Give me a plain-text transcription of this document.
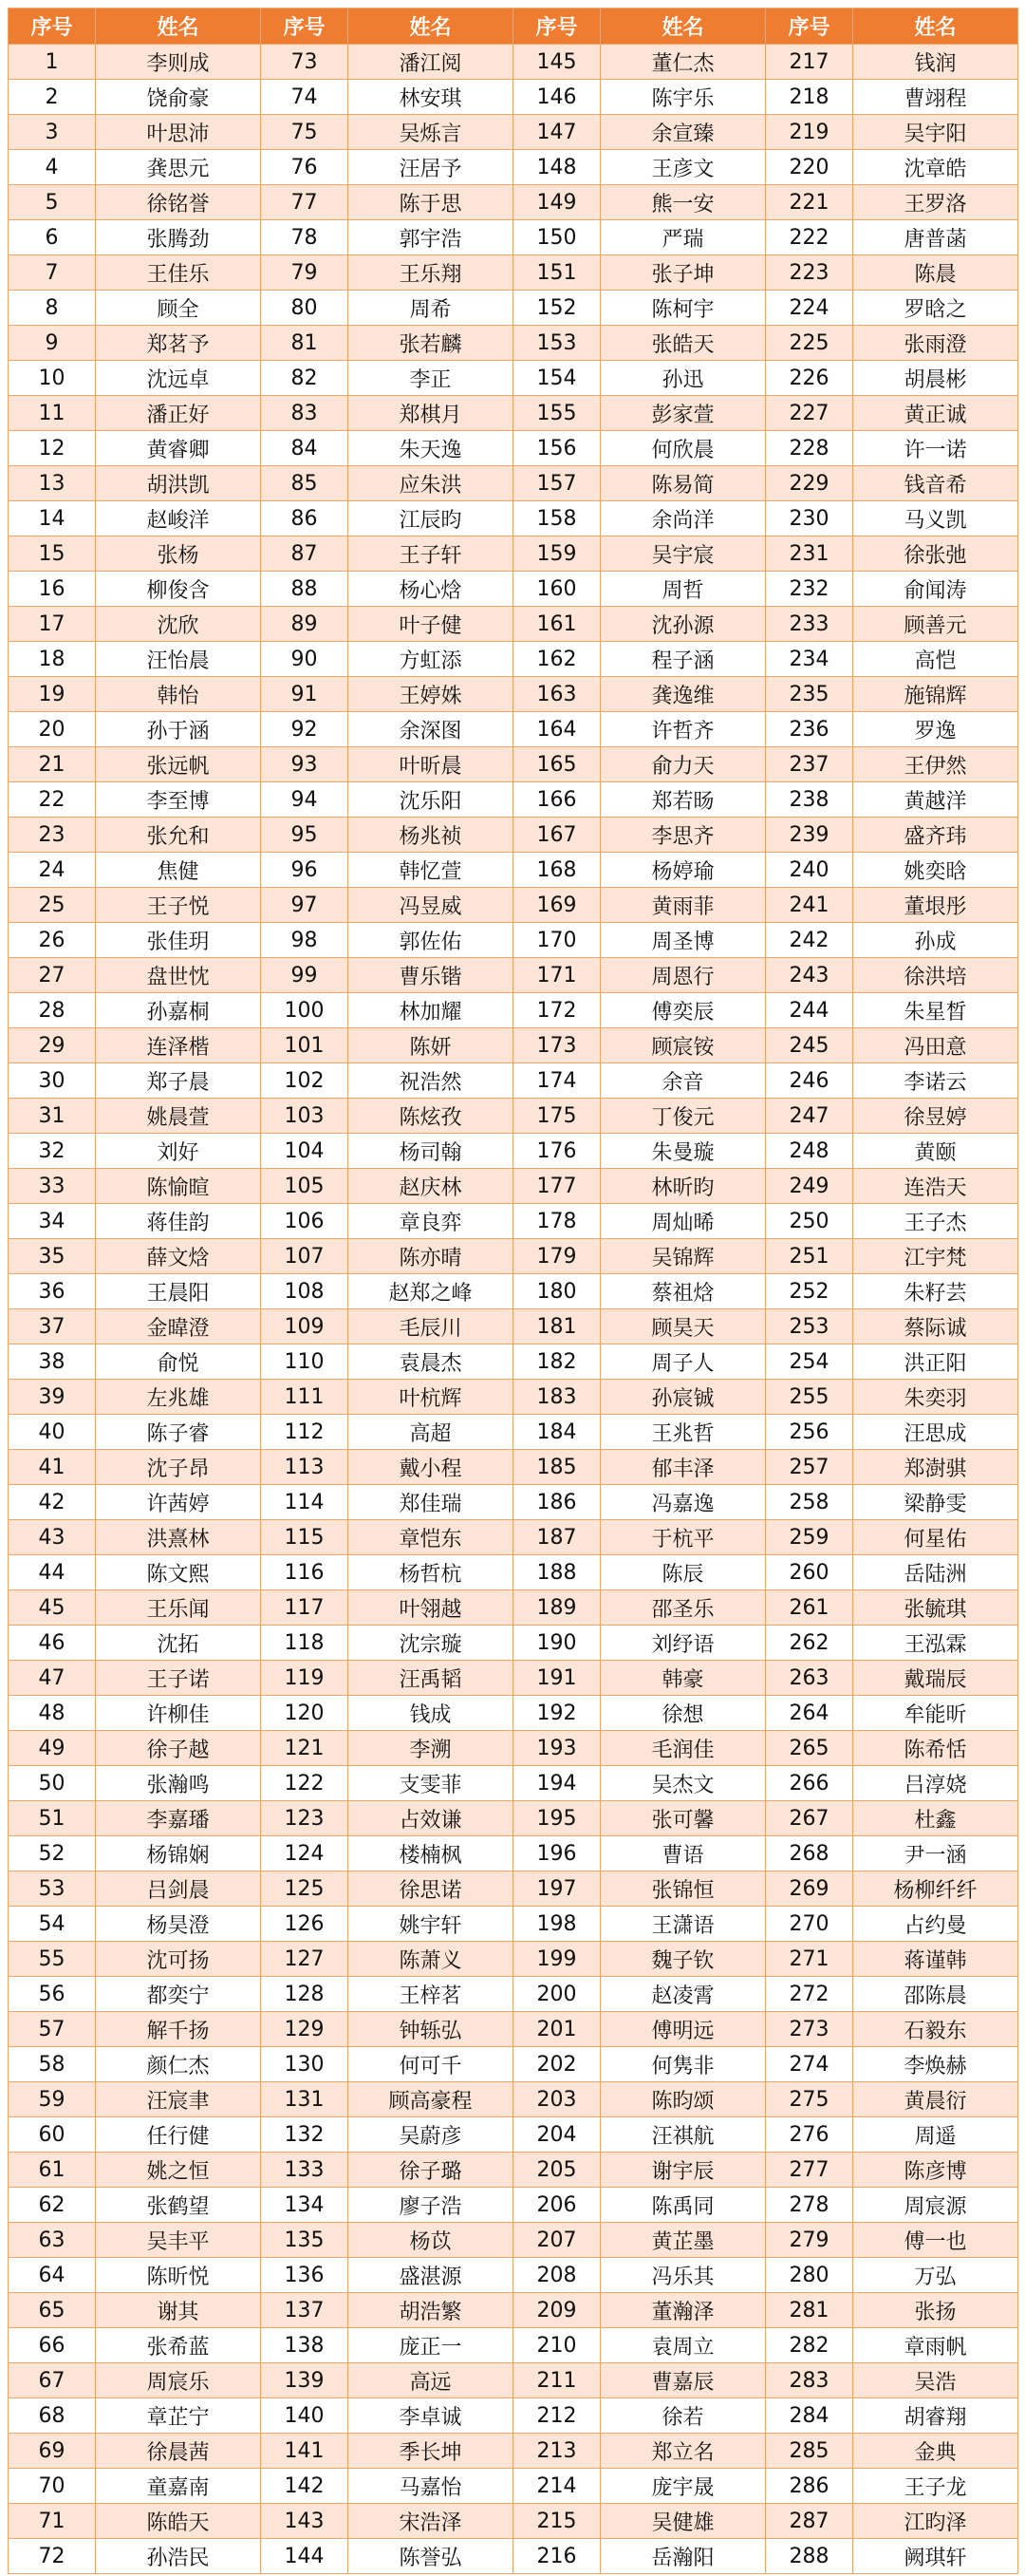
序号	姓名	序号	姓名	序号	姓名	序号	姓名
1	李则成	73	潘江阅	145	董仁杰	217	钱润
2	饶俞豪	74	林安琪	146	陈宇乐	218	曹翊程
3	叶思沛	75	吴烁言	147	余宣臻	219	吴宇阳
4	龚思元	76	汪居予	148	王彦文	220	沈章皓
5	徐铭誉	77	陈于思	149	熊一安	221	王罗洛
6	张腾劲	78	郭宇浩	150	严瑞	222	唐普菡
7	王佳乐	79	王乐翔	151	张子坤	223	陈晨
8	顾全	80	周希	152	陈柯宇	224	罗晗之
9	郑茗予	81	张若麟	153	张皓天	225	张雨澄
10	沈远卓	82	李正	154	孙迅	226	胡晨彬
11	潘正好	83	郑棋月	155	彭家萱	227	黄正诚
12	黄睿卿	84	朱天逸	156	何欣晨	228	许一诺
13	胡洪凯	85	应朱洪	157	陈易简	229	钱音希
14	赵峻洋	86	江辰昀	158	余尚洋	230	马义凯
15	张杨	87	王子轩	159	吴宇宸	231	徐张弛
16	柳俊含	88	杨心焓	160	周哲	232	俞闻涛
17	沈欣	89	叶子健	161	沈孙源	233	顾善元
18	汪怡晨	90	方虹添	162	程子涵	234	高恺
19	韩怡	91	王婷姝	163	龚逸维	235	施锦辉
20	孙于涵	92	余深图	164	许哲齐	236	罗逸
21	张远帆	93	叶昕晨	165	俞力天	237	王伊然
22	李至博	94	沈乐阳	166	郑若旸	238	黄越洋
23	张允和	95	杨兆祯	167	李思齐	239	盛齐玮
24	焦健	96	韩忆萱	168	杨婷瑜	240	姚奕晗
25	王子悦	97	冯昱威	169	黄雨菲	241	董垠彤
26	张佳玥	98	郭佐佑	170	周圣博	242	孙成
27	盘世忱	99	曹乐锴	171	周恩行	243	徐洪培
28	孙嘉桐	100	林加耀	172	傅奕辰	244	朱星晳
29	连泽楷	101	陈妍	173	顾宸铵	245	冯田意
30	郑子晨	102	祝浩然	174	余音	246	李诺云
31	姚晨萱	103	陈炫孜	175	丁俊元	247	徐昱婷
32	刘好	104	杨司翰	176	朱曼璇	248	黄颐
33	陈愉暄	105	赵庆林	177	林昕昀	249	连浩天
34	蒋佳韵	106	章良弈	178	周灿晞	250	王子杰
35	薛文焓	107	陈亦晴	179	吴锦辉	251	江宇梵
36	王晨阳	108	赵郑之峰	180	蔡祖焓	252	朱籽芸
37	金暐澄	109	毛辰川	181	顾昊天	253	蔡际诚
38	俞悦	110	袁晨杰	182	周子人	254	洪正阳
39	左兆雄	111	叶杭辉	183	孙宸铖	255	朱奕羽
40	陈子睿	112	高超	184	王兆哲	256	汪思成
41	沈子昂	113	戴小程	185	郁丰泽	257	郑澍骐
42	许茜婷	114	郑佳瑞	186	冯嘉逸	258	梁静雯
43	洪熹林	115	章恺东	187	于杭平	259	何星佑
44	陈文熙	116	杨哲杭	188	陈辰	260	岳陆洲
45	王乐闻	117	叶翎越	189	邵圣乐	261	张毓琪
46	沈拓	118	沈宗璇	190	刘纾语	262	王泓霖
47	王子诺	119	汪禹韬	191	韩豪	263	戴瑞辰
48	许柳佳	120	钱成	192	徐想	264	牟能昕
49	徐子越	121	李溯	193	毛润佳	265	陈希恬
50	张瀚鸣	122	支雯菲	194	吴杰文	266	吕淳娆
51	李嘉璠	123	占效谦	195	张可馨	267	杜鑫
52	杨锦娴	124	楼楠枫	196	曹语	268	尹一涵
53	吕剑晨	125	徐思诺	197	张锦恒	269	杨柳纤纤
54	杨昊澄	126	姚宇轩	198	王潇语	270	占约曼
55	沈可扬	127	陈萧义	199	魏子钦	271	蒋谨韩
56	都奕宁	128	王梓茗	200	赵凌霄	272	邵陈晨
57	解千扬	129	钟轹弘	201	傅明远	273	石毅东
58	颜仁杰	130	何可千	202	何隽非	274	李焕赫
59	汪宸聿	131	顾高豪程	203	陈昀颂	275	黄晨衍
60	任行健	132	吴蔚彦	204	汪祺航	276	周遥
61	姚之恒	133	徐子璐	205	谢宇辰	277	陈彦博
62	张鹤望	134	廖子浩	206	陈禹同	278	周宸源
63	吴丰平	135	杨苡	207	黄芷墨	279	傅一也
64	陈昕悦	136	盛湛源	208	冯乐其	280	万弘
65	谢其	137	胡浩繁	209	董瀚泽	281	张扬
66	张希蓝	138	庞正一	210	袁周立	282	章雨帆
67	周宸乐	139	高远	211	曹嘉辰	283	吴浩
68	章芷宁	140	李卓诚	212	徐若	284	胡睿翔
69	徐晨茜	141	季长坤	213	郑立名	285	金典
70	童嘉南	142	马嘉怡	214	庞宇晟	286	王子龙
71	陈皓天	143	宋浩泽	215	吴健雄	287	江昀泽
72	孙浩民	144	陈誉弘	216	岳瀚阳	288	阙琪轩
